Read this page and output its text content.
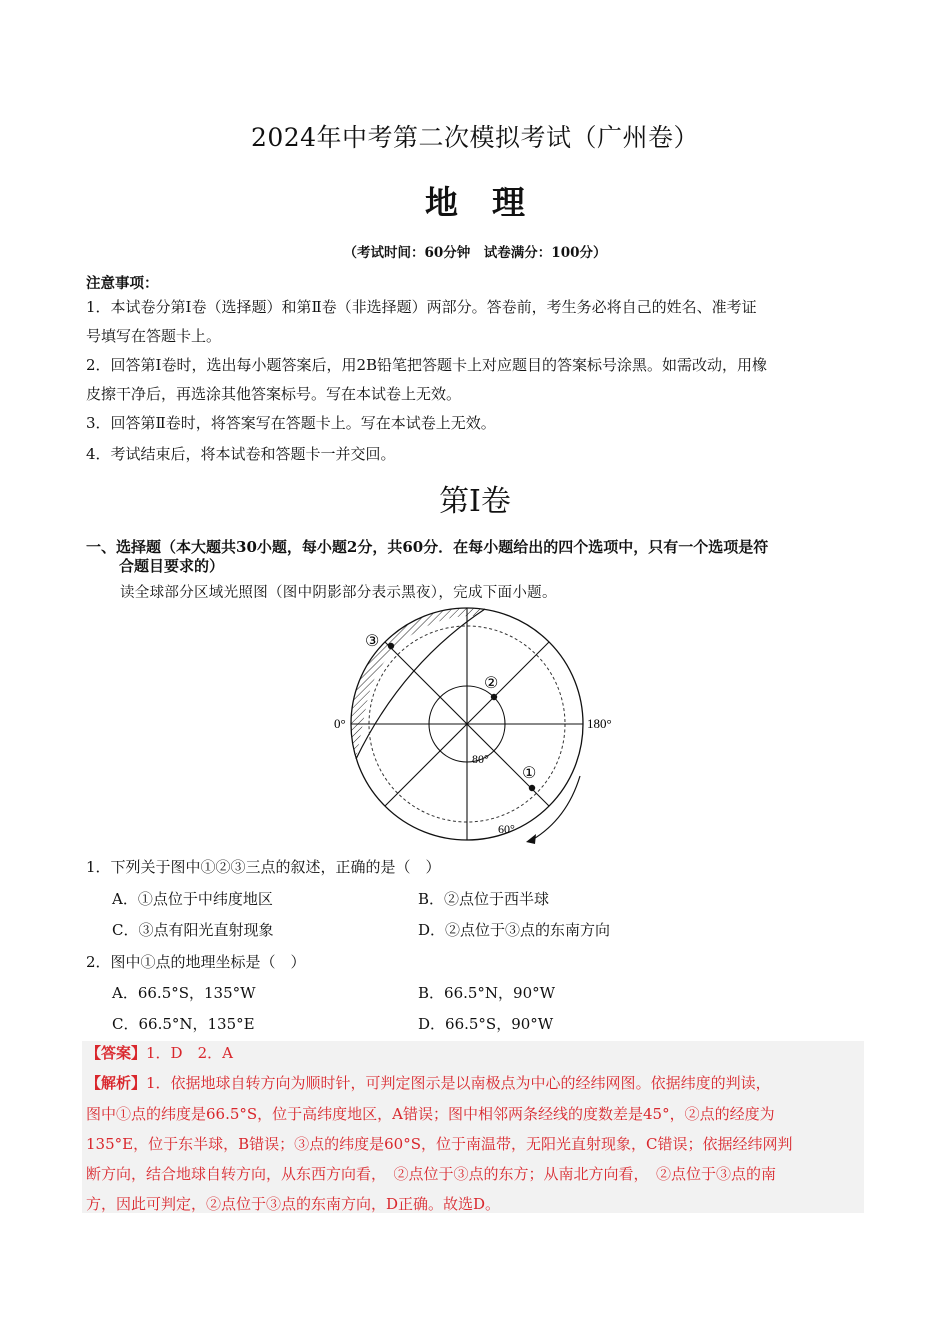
2024年中考第二次模拟考试（广州卷）
地理
（考试时间：60分钟　试卷满分：100分）
注意事项：
1．本试卷分第Ⅰ卷（选择题）和第Ⅱ卷（非选择题）两部分。答卷前，考生务必将自己的姓名、准考证
号填写在答题卡上。
2．回答第Ⅰ卷时，选出每小题答案后，用2B铅笔把答题卡上对应题目的答案标号涂黑。如需改动，用橡
皮擦干净后，再选涂其他答案标号。写在本试卷上无效。
3．回答第Ⅱ卷时，将答案写在答题卡上。写在本试卷上无效。
4．考试结束后，将本试卷和答题卡一并交回。
第Ⅰ卷
一、选择题（本大题共30小题，每小题2分，共60分．在每小题给出的四个选项中，只有一个选项是符
合题目要求的）
读全球部分区域光照图（图中阴影部分表示黑夜），完成下面小题。
③
②
①
0°	180°
80°
60°
1．下列关于图中①②③三点的叙述，正确的是（　）
A．①点位于中纬度地区	B．②点位于西半球
C．③点有阳光直射现象	D．②点位于③点的东南方向
2．图中①点的地理坐标是（　）
A．66.5°S，135°W	B．66.5°N，90°W
C．66.5°N，135°E	D．66.5°S，90°W
【答案】1．D　2．A
【解析】1．依据地球自转方向为顺时针，可判定图示是以南极点为中心的经纬网图。依据纬度的判读，
图中①点的纬度是66.5°S，位于高纬度地区，A错误；图中相邻两条经线的度数差是45°，②点的经度为
135°E，位于东半球，B错误；③点的纬度是60°S，位于南温带，无阳光直射现象，C错误；依据经纬网判
断方向，结合地球自转方向，从东西方向看，　②点位于③点的东方；从南北方向看，　②点位于③点的南
方，因此可判定，②点位于③点的东南方向，D正确。故选D。
